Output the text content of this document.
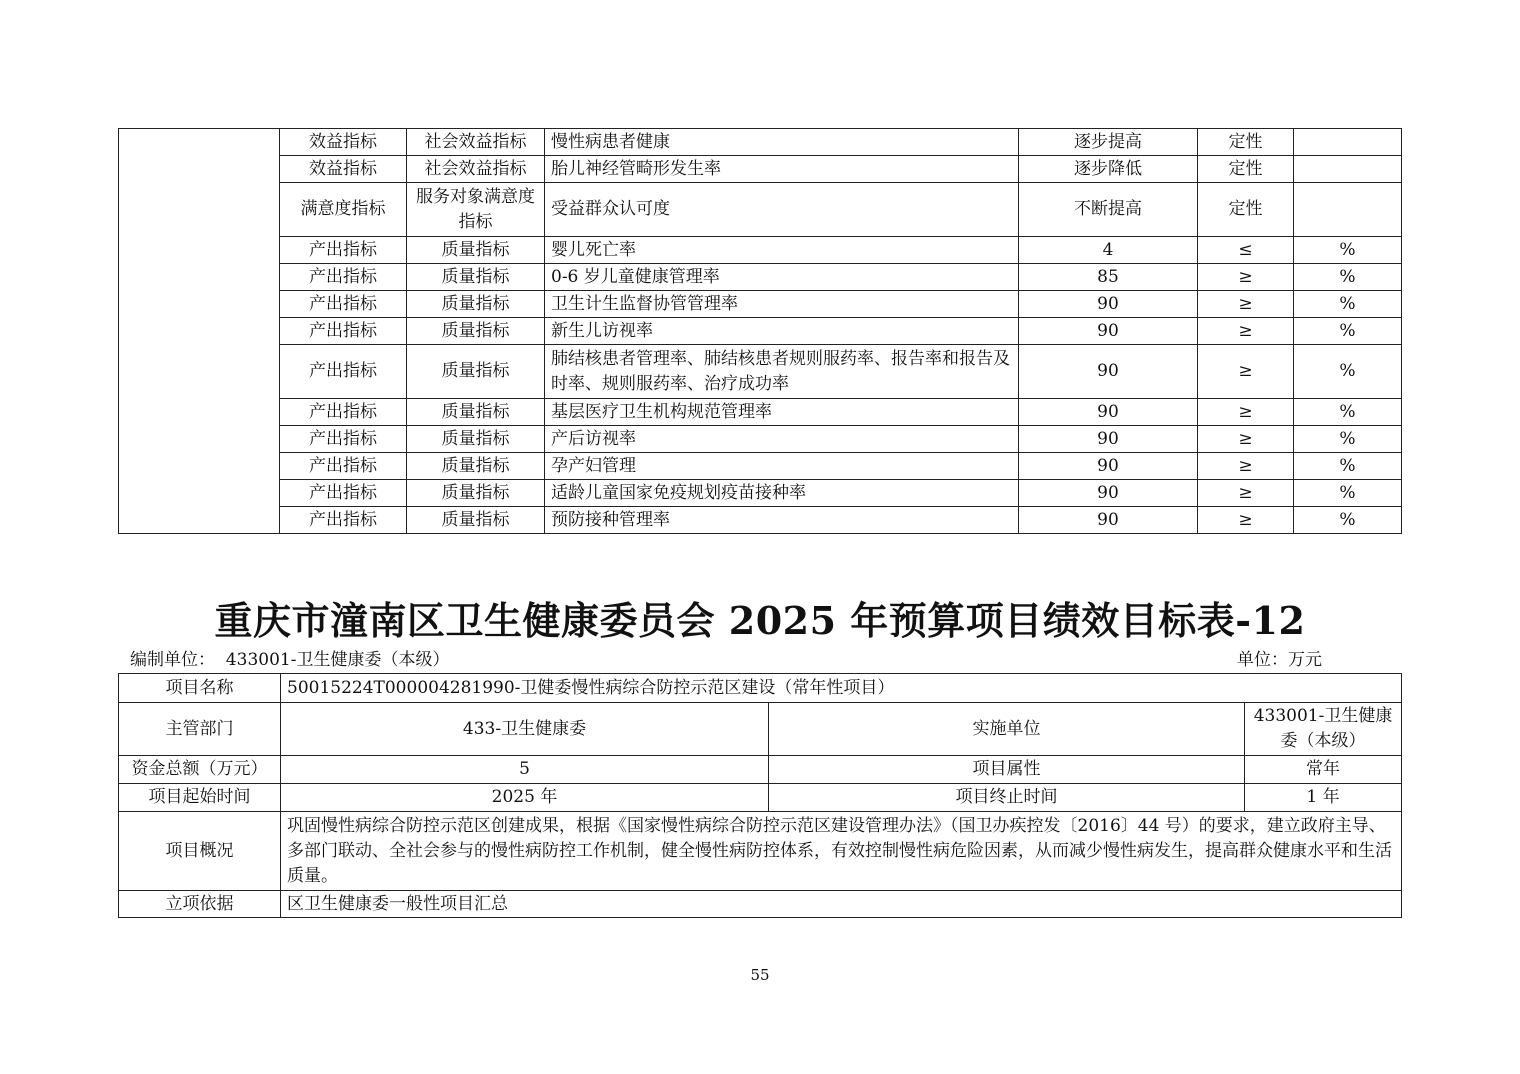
	效益指标	社会效益指标	慢性病患者健康	逐步提高	定性	
	效益指标	社会效益指标	胎儿神经管畸形发生率	逐步降低	定性	
	满意度指标	服务对象满意度指标	受益群众认可度	不断提高	定性	
	产出指标	质量指标	婴儿死亡率	4	≤	%
	产出指标	质量指标	0-6 岁儿童健康管理率	85	≥	%
	产出指标	质量指标	卫生计生监督协管管理率	90	≥	%
	产出指标	质量指标	新生儿访视率	90	≥	%
	产出指标	质量指标	肺结核患者管理率、肺结核患者规则服药率、报告率和报告及时率、规则服药率、治疗成功率	90	≥	%
	产出指标	质量指标	基层医疗卫生机构规范管理率	90	≥	%
	产出指标	质量指标	产后访视率	90	≥	%
	产出指标	质量指标	孕产妇管理	90	≥	%
	产出指标	质量指标	适龄儿童国家免疫规划疫苗接种率	90	≥	%
	产出指标	质量指标	预防接种管理率	90	≥	%
重庆市潼南区卫生健康委员会 2025 年预算项目绩效目标表-12
编制单位：  433001-卫生健康委（本级）	单位：万元
项目名称	50015224T000004281990-卫健委慢性病综合防控示范区建设（常年性项目）		
主管部门	433-卫生健康委	实施单位	433001-卫生健康委（本级）
资金总额（万元）	5	项目属性	常年
项目起始时间	2025 年	项目终止时间	1 年
项目概况	巩固慢性病综合防控示范区创建成果，根据《国家慢性病综合防控示范区建设管理办法》（国卫办疾控发〔2016〕44 号）的要求，建立政府主导、多部门联动、全社会参与的慢性病防控工作机制，健全慢性病防控体系，有效控制慢性病危险因素，从而减少慢性病发生，提高群众健康水平和生活质量。		
立项依据	区卫生健康委一般性项目汇总		
55
